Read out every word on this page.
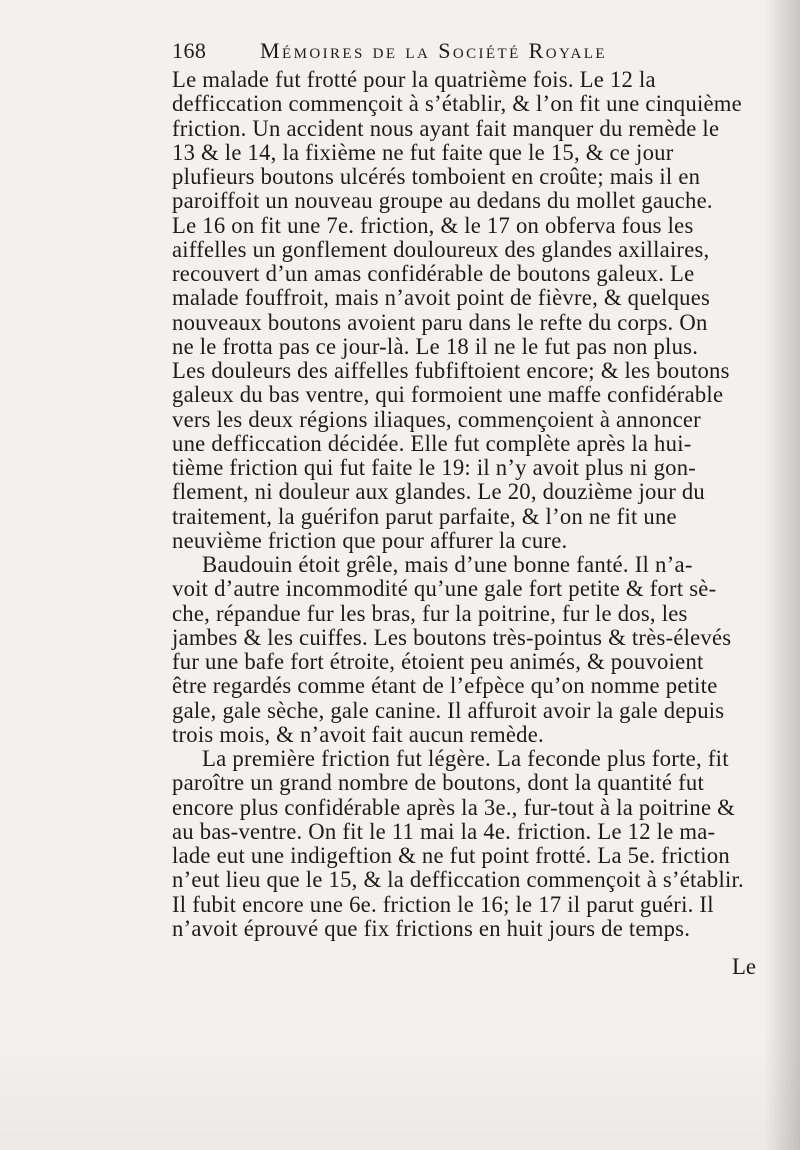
168 Mémoires de la Société Royale
Le malade fut frotté pour la quatrième fois. Le 12 la
defficcation commençoit à s’établir, & l’on fit une cinquième
friction. Un accident nous ayant fait manquer du remède le
13 & le 14, la fixième ne fut faite que le 15, & ce jour
plufieurs boutons ulcérés tomboient en croûte; mais il en
paroiffoit un nouveau groupe au dedans du mollet gauche.
Le 16 on fit une 7e. friction, & le 17 on obferva fous les
aiffelles un gonflement douloureux des glandes axillaires,
recouvert d’un amas confidérable de boutons galeux. Le
malade fouffroit, mais n’avoit point de fièvre, & quelques
nouveaux boutons avoient paru dans le refte du corps. On
ne le frotta pas ce jour-là. Le 18 il ne le fut pas non plus.
Les douleurs des aiffelles fubfiftoient encore; & les boutons
galeux du bas ventre, qui formoient une maffe confidérable
vers les deux régions iliaques, commençoient à annoncer
une defficcation décidée. Elle fut complète après la hui-
tième friction qui fut faite le 19: il n’y avoit plus ni gon-
flement, ni douleur aux glandes. Le 20, douzième jour du
traitement, la guérifon parut parfaite, & l’on ne fit une
neuvième friction que pour affurer la cure.
Baudouin étoit grêle, mais d’une bonne fanté. Il n’a-
voit d’autre incommodité qu’une gale fort petite & fort sè-
che, répandue fur les bras, fur la poitrine, fur le dos, les
jambes & les cuiffes. Les boutons très-pointus & très-élevés
fur une bafe fort étroite, étoient peu animés, & pouvoient
être regardés comme étant de l’efpèce qu’on nomme petite
gale, gale sèche, gale canine. Il affuroit avoir la gale depuis
trois mois, & n’avoit fait aucun remède.
La première friction fut légère. La feconde plus forte, fit
paroître un grand nombre de boutons, dont la quantité fut
encore plus confidérable après la 3e., fur-tout à la poitrine &
au bas-ventre. On fit le 11 mai la 4e. friction. Le 12 le ma-
lade eut une indigeftion & ne fut point frotté. La 5e. friction
n’eut lieu que le 15, & la defficcation commençoit à s’établir.
Il fubit encore une 6e. friction le 16; le 17 il parut guéri. Il
n’avoit éprouvé que fix frictions en huit jours de temps.
Le
